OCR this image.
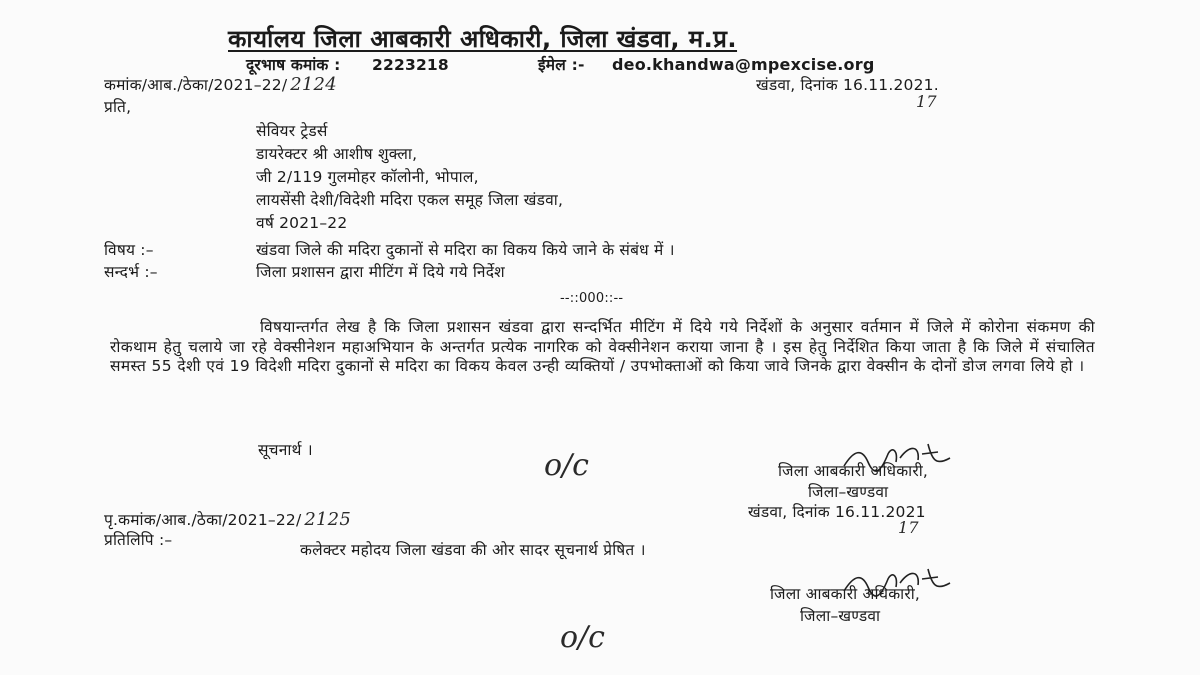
कार्यालय जिला आबकारी अधिकारी, जिला खंडवा, म.प्र.
दूरभाष कमांक : 2223218	ईमेल :- deo.khandwa@mpexcise.org
कमांक/आब./ठेका/2021–22/ 2124	खंडवा, दिनांक 16.11.2021.
17
प्रति,
सेवियर ट्रेडर्स
डायरेक्टर श्री आशीष शुक्ला,
जी 2/119 गुलमोहर कॉलोनी, भोपाल,
लायसेंसी देशी/विदेशी मदिरा एकल समूह जिला खंडवा,
वर्ष 2021–22
विषय :–	खंडवा जिले की मदिरा दुकानों से मदिरा का विकय किये जाने के संबंध में ।
सन्दर्भ :–	जिला प्रशासन द्वारा मीटिंग में दिये गये निर्देश
--::000::--
विषयान्तर्गत लेख है कि जिला प्रशासन खंडवा द्वारा सन्दर्भित मीटिंग में दिये गये निर्देशों के अनुसार वर्तमान में जिले में कोरोना संकमण की रोकथाम हेतु चलाये जा रहे वेक्सीनेशन महाअभियान के अन्तर्गत प्रत्येक नागरिक को वेक्सीनेशन कराया जाना है । इस हेतु निर्देशित किया जाता है कि जिले में संचालित समस्त 55 देशी एवं 19 विदेशी मदिरा दुकानों से मदिरा का विकय केवल उन्ही व्यक्तियों / उपभोक्ताओं को किया जावे जिनके द्वारा वेक्सीन के दोनों डोज लगवा लिये हो ।
सूचनार्थ ।	o/c	जिला आबकारी अधिकारी,
जिला–खण्डवा
पृ.कमांक/आब./ठेका/2021–22/ 2125	खंडवा, दिनांक 16.11.2021
17
प्रतिलिपि :–
कलेक्टर महोदय जिला खंडवा की ओर सादर सूचनार्थ प्रेषित ।
जिला आबकारी अधिकारी,
जिला–खण्डवा
o/c
